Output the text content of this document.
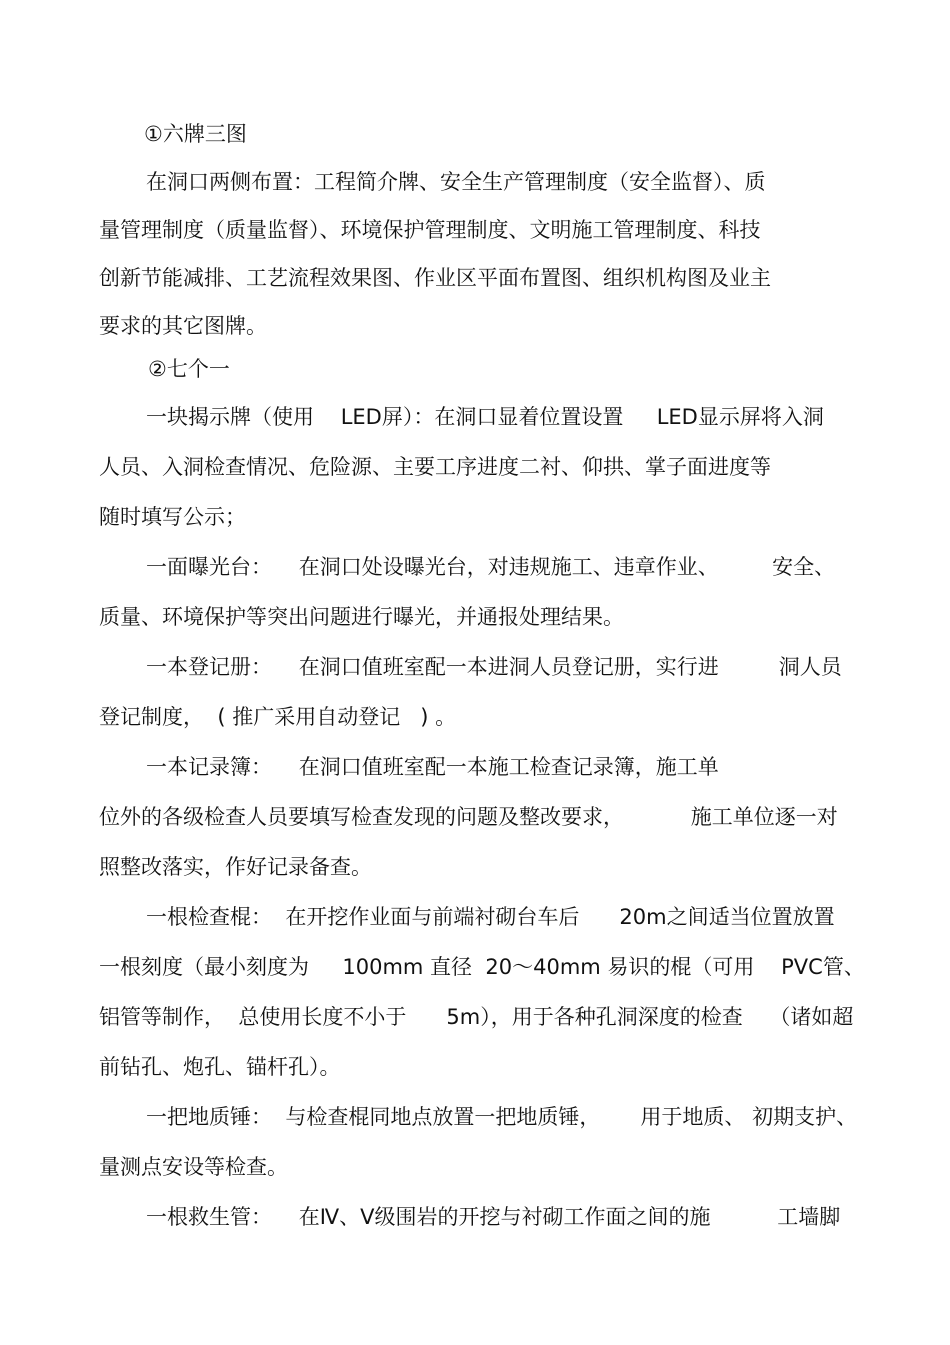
①六牌三图
在洞口两侧布置：工程简介牌、安全生产管理制度（安全监督）、质
量管理制度（质量监督）、环境保护管理制度、文明施工管理制度、科技
创新节能减排、工艺流程效果图、作业区平面布置图、组织机构图及业主
要求的其它图牌。
②七个一
一块揭示牌（使用    LED屏）：在洞口显着位置设置     LED显示屏将入洞
人员、入洞检查情况、危险源、主要工序进度二衬、仰拱、掌子面进度等
随时填写公示；
一面曝光台：    在洞口处设曝光台，对违规施工、违章作业、        安全、
质量、环境保护等突出问题进行曝光，并通报处理结果。
一本登记册：    在洞口值班室配一本进洞人员登记册，实行进         洞人员
登记制度，  ( 推广采用自动登记   ) 。
一本记录簿：    在洞口值班室配一本施工检查记录簿，施工单
位外的各级检查人员要填写检查发现的问题及整改要求，          施工单位逐一对
照整改落实，作好记录备查。
一根检查棍：  在开挖作业面与前端衬砌台车后      20m之间适当位置放置
一根刻度（最小刻度为     100mm 直径  20～40mm 易识的棍（可用    PVC管、
铝管等制作，  总使用长度不小于      5m），用于各种孔洞深度的检查    （诸如超
前钻孔、炮孔、锚杆孔）。
一把地质锤：  与检查棍同地点放置一把地质锤，      用于地质、 初期支护、
量测点安设等检查。
一根救生管：    在Ⅳ、Ⅴ级围岩的开挖与衬砌工作面之间的施          工墙脚
